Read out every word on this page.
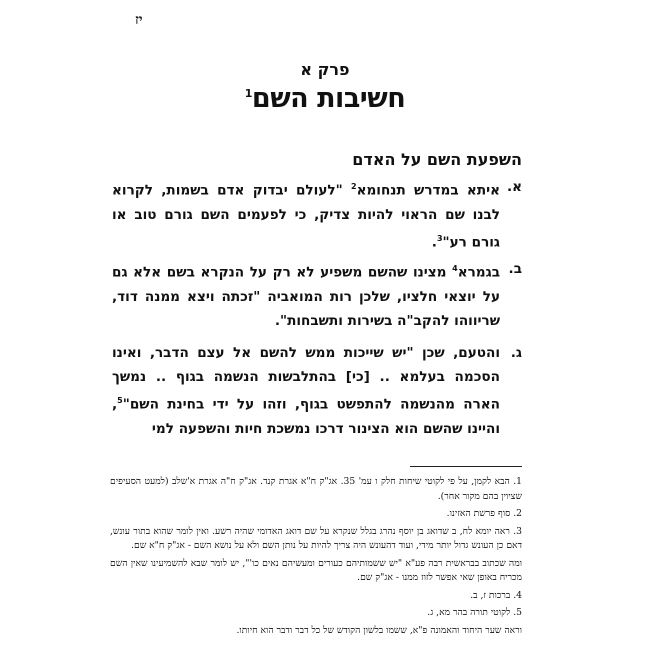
יז
פרק א
חשיבות השם$^1$
השפעת השם על האדם
א.
איתא במדרש תנחומא$^2$ "לעולם יבדוק אדם בשמות, לקרוא לבנו שם הראוי להיות צדיק, כי לפעמים השם גורם טוב או גורם רע"$^3$.
ב.
בגמרא$^4$ מצינו שהשם משפיע לא רק על הנקרא בשם אלא גם על יוצאי חלציו, שלכן רות המואביה "זכתה ויצא ממנה דוד, שריווהו להקב"ה בשירות ותשבחות".
ג.
והטעם, שכן "יש שייכות ממש להשם אל עצם הדבר, ואינו הסכמה בעלמא .. [כי] בהתלבשות הנשמה בגוף .. נמשך הארה מהנשמה להתפשט בגוף, וזהו על ידי בחינת השם"$^5$, והיינו שהשם הוא הצינור דרכו נמשכת חיות והשפעה למי
1. הבא לקמן, על פי לקוטי שיחות חלק ו עמ' 35. אג"ק ח"א אגרת קנד. אג"ק ח"ה אגרת א'שלב (למעט הסעיפים שציוין בהם מקור אחר).
2. סוף פרשת האזינו.
3. ראה יומא לח, ב שדואג בן יוסף נהרג בגלל שנקרא על שם דואג האדומי שהיה רשע. ואין לומר שהוא בתור עונש, דאם כן העונש גדול יותר מידי, ועוד דהעונש היה צריך להיות על נותן השם ולא על נושא השם - אג"ק ח"א שם.
ומה שכתוב בבראשית רבה פע"א "יש ששמותיהם כעורים ומעשיהם נאים כו'", יש לומר שבא להשמיעינו שאין השם מכריח באופן שאי אפשר לזוז ממנו - אג"ק שם.
4. ברכות ז, ב.
5. לקוטי תורה בהר מא, ג.
וראה שער היחוד והאמונה פ"א, ששמו בלשון הקודש של כל דבר ודבר הוא חיותו.
